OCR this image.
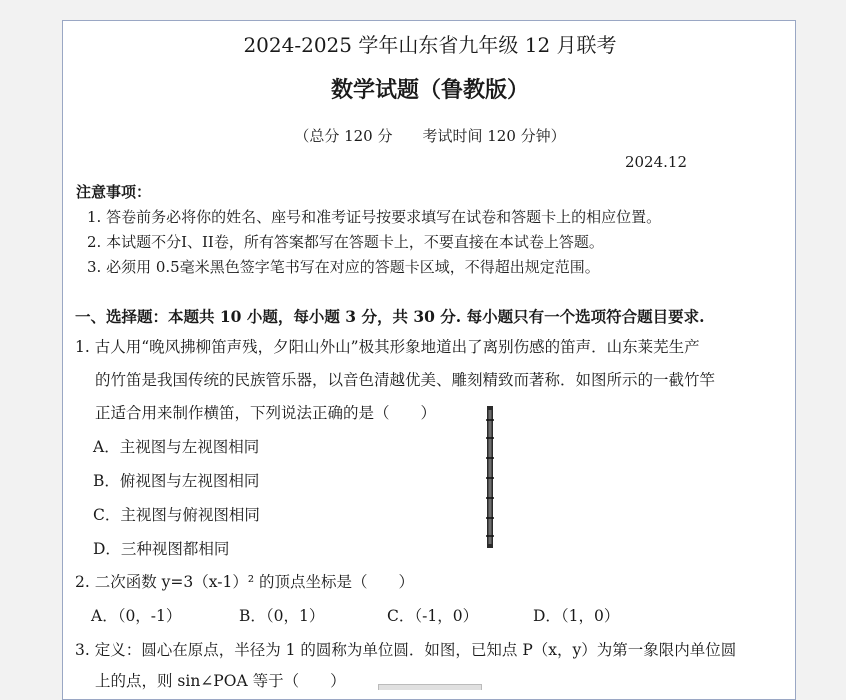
2024-2025 学年山东省九年级 12 月联考
数学试题（鲁教版）
（总分 120 分　　考试时间 120 分钟）
2024.12
注意事项：
1. 答卷前务必将你的姓名、座号和准考证号按要求填写在试卷和答题卡上的相应位置。
2. 本试题不分I、II卷，所有答案都写在答题卡上，不要直接在本试卷上答题。
3. 必须用 0.5毫米黑色签字笔书写在对应的答题卡区域，不得超出规定范围。
一、选择题：本题共 10 小题，每小题 3 分，共 30 分. 每小题只有一个选项符合题目要求.
1. 古人用“晚风拂柳笛声残，夕阳山外山”极其形象地道出了离别伤感的笛声．山东莱芜生产
的竹笛是我国传统的民族管乐器，以音色清越优美、雕刻精致而著称．如图所示的一截竹竿
正适合用来制作横笛，下列说法正确的是（　　）
A．主视图与左视图相同
B．俯视图与左视图相同
C．主视图与俯视图相同
D．三种视图都相同
2. 二次函数 y=3（x-1）² 的顶点坐标是（　　）
A．（0，-1）	B．（0，1）	C．（-1，0）	D．（1，0）
3. 定义：圆心在原点，半径为 1 的圆称为单位圆．如图，已知点 P（x，y）为第一象限内单位圆
上的点，则 sin∠POA 等于（　　）
